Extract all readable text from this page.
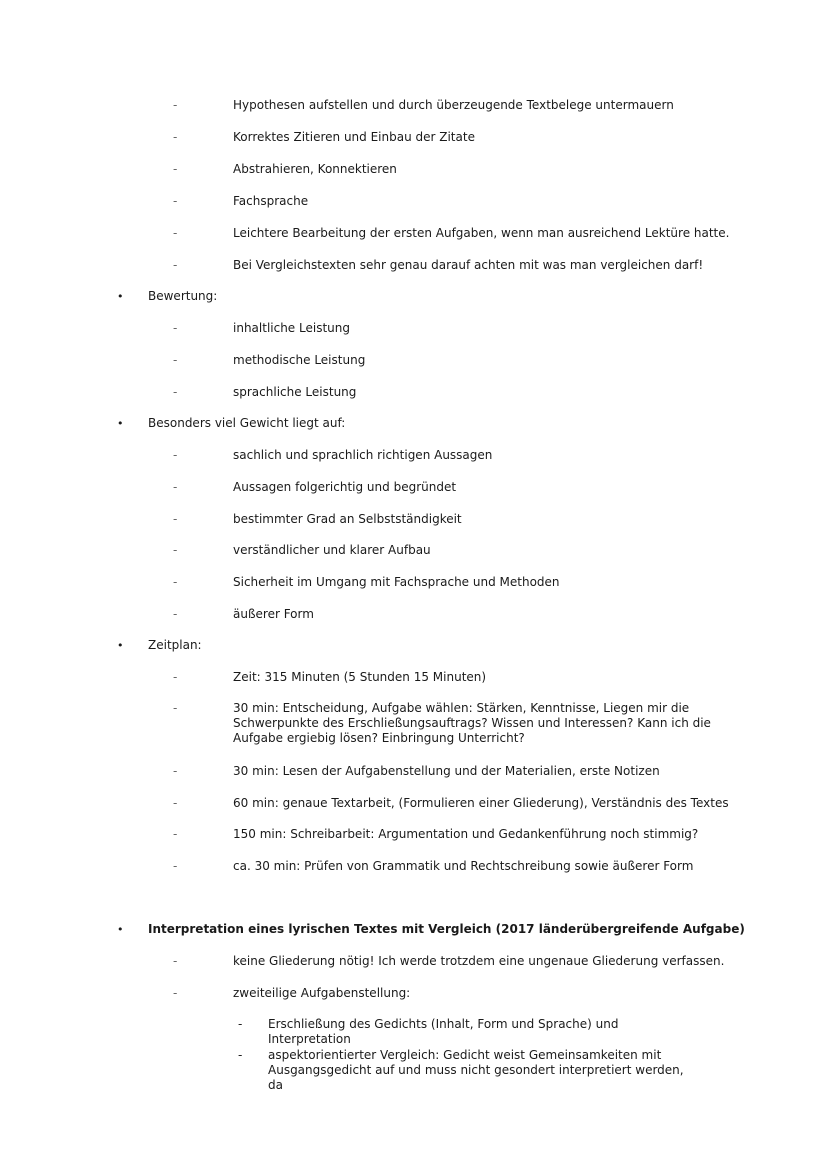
-	Hypothesen aufstellen und durch überzeugende Textbelege untermauern
-	Korrektes Zitieren und Einbau der Zitate
-	Abstrahieren, Konnektieren
-	Fachsprache
-	Leichtere Bearbeitung der ersten Aufgaben, wenn man ausreichend Lektüre hatte.
-	Bei Vergleichstexten sehr genau darauf achten mit was man vergleichen darf!
• Bewertung:
-	inhaltliche Leistung
-	methodische Leistung
-	sprachliche Leistung
• Besonders viel Gewicht liegt auf:
-	sachlich und sprachlich richtigen Aussagen
-	Aussagen folgerichtig und begründet
-	bestimmter Grad an Selbstständigkeit
-	verständlicher und klarer Aufbau
-	Sicherheit im Umgang mit Fachsprache und Methoden
-	äußerer Form
• Zeitplan:
-	Zeit: 315 Minuten (5 Stunden 15 Minuten)
-	30 min: Entscheidung, Aufgabe wählen: Stärken, Kenntnisse, Liegen mir die Schwerpunkte des Erschließungsauftrags? Wissen und Interessen? Kann ich die Aufgabe ergiebig lösen? Einbringung Unterricht?
-	30 min: Lesen der Aufgabenstellung und der Materialien, erste Notizen
-	60 min: genaue Textarbeit, (Formulieren einer Gliederung), Verständnis des Textes
-	150 min: Schreibarbeit: Argumentation und Gedankenführung noch stimmig?
-	ca. 30 min: Prüfen von Grammatik und Rechtschreibung sowie äußerer Form
• Interpretation eines lyrischen Textes mit Vergleich (2017 länderübergreifende Aufgabe)
-	keine Gliederung nötig! Ich werde trotzdem eine ungenaue Gliederung verfassen.
-	zweiteilige Aufgabenstellung:
- Erschließung des Gedichts (Inhalt, Form und Sprache) und Interpretation
- aspektorientierter Vergleich: Gedicht weist Gemeinsamkeiten mit Ausgangsgedicht auf und muss nicht gesondert interpretiert werden, da
